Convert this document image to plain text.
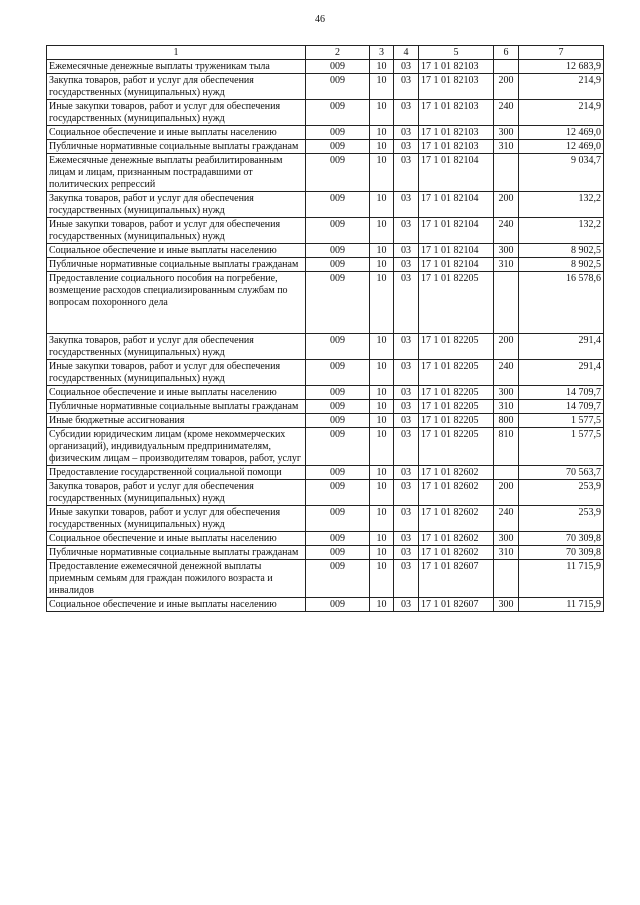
46
1	2	3	4	5	6	7
Ежемесячные денежные выплаты труженикам тыла	009	10	03	17 1 01 82103		12 683,9
Закупка товаров, работ и услуг для обеспечения государственных (муниципальных) нужд	009	10	03	17 1 01 82103	200	214,9
Иные закупки товаров, работ и услуг для обеспечения государственных (муниципальных) нужд	009	10	03	17 1 01 82103	240	214,9
Социальное обеспечение и иные выплаты населению	009	10	03	17 1 01 82103	300	12 469,0
Публичные нормативные социальные выплаты гражданам	009	10	03	17 1 01 82103	310	12 469,0
Ежемесячные денежные выплаты реабилитированным лицам и лицам, признанным пострадавшими от политических репрессий	009	10	03	17 1 01 82104		9 034,7
Закупка товаров, работ и услуг для обеспечения государственных (муниципальных) нужд	009	10	03	17 1 01 82104	200	132,2
Иные закупки товаров, работ и услуг для обеспечения государственных (муниципальных) нужд	009	10	03	17 1 01 82104	240	132,2
Социальное обеспечение и иные выплаты населению	009	10	03	17 1 01 82104	300	8 902,5
Публичные нормативные социальные выплаты гражданам	009	10	03	17 1 01 82104	310	8 902,5
Предоставление социального пособия на погребение, возмещение расходов специализированным службам по вопросам похоронного дела	009	10	03	17 1 01 82205		16 578,6
Закупка товаров, работ и услуг для обеспечения государственных (муниципальных) нужд	009	10	03	17 1 01 82205	200	291,4
Иные закупки товаров, работ и услуг для обеспечения государственных (муниципальных) нужд	009	10	03	17 1 01 82205	240	291,4
Социальное обеспечение и иные выплаты населению	009	10	03	17 1 01 82205	300	14 709,7
Публичные нормативные социальные выплаты гражданам	009	10	03	17 1 01 82205	310	14 709,7
Иные бюджетные ассигнования	009	10	03	17 1 01 82205	800	1 577,5
Субсидии юридическим лицам (кроме некоммерческих организаций), индивидуальным предпринимателям, физическим лицам – производителям товаров, работ, услуг	009	10	03	17 1 01 82205	810	1 577,5
Предоставление государственной социальной помощи	009	10	03	17 1 01 82602		70 563,7
Закупка товаров, работ и услуг для обеспечения государственных (муниципальных) нужд	009	10	03	17 1 01 82602	200	253,9
Иные закупки товаров, работ и услуг для обеспечения государственных (муниципальных) нужд	009	10	03	17 1 01 82602	240	253,9
Социальное обеспечение и иные выплаты населению	009	10	03	17 1 01 82602	300	70 309,8
Публичные нормативные социальные выплаты гражданам	009	10	03	17 1 01 82602	310	70 309,8
Предоставление ежемесячной денежной выплаты приемным семьям для граждан пожилого возраста и инвалидов	009	10	03	17 1 01 82607		11 715,9
Социальное обеспечение и иные выплаты населению	009	10	03	17 1 01 82607	300	11 715,9
